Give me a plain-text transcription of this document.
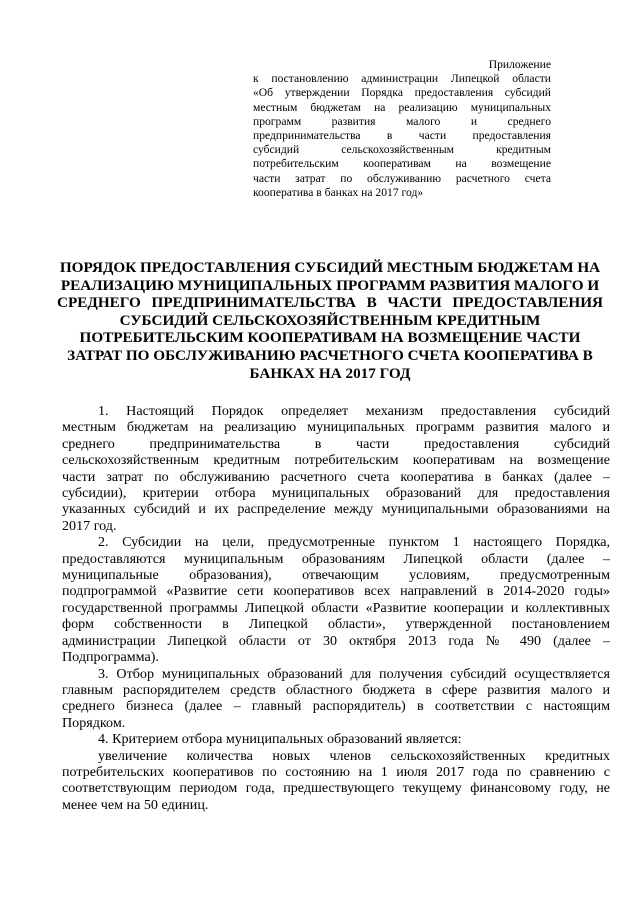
Приложение
к постановлению администрации Липецкой области
«Об утверждении Порядка предоставления субсидий
местным бюджетам на реализацию муниципальных
программ развития малого и среднего
предпринимательства в части предоставления
субсидий сельскохозяйственным кредитным
потребительским кооперативам на возмещение
части затрат по обслуживанию расчетного счета
кооператива в банках на 2017 год»
ПОРЯДОК ПРЕДОСТАВЛЕНИЯ СУБСИДИЙ МЕСТНЫМ БЮДЖЕТАМ НА
РЕАЛИЗАЦИЮ МУНИЦИПАЛЬНЫХ ПРОГРАММ РАЗВИТИЯ МАЛОГО И
СРЕДНЕГО ПРЕДПРИНИМАТЕЛЬСТВА В ЧАСТИ ПРЕДОСТАВЛЕНИЯ
СУБСИДИЙ СЕЛЬСКОХОЗЯЙСТВЕННЫМ КРЕДИТНЫМ
ПОТРЕБИТЕЛЬСКИМ КООПЕРАТИВАМ НА ВОЗМЕЩЕНИЕ ЧАСТИ
ЗАТРАТ ПО ОБСЛУЖИВАНИЮ РАСЧЕТНОГО СЧЕТА КООПЕРАТИВА В
БАНКАХ НА 2017 ГОД
1. Настоящий Порядок определяет механизм предоставления субсидий
местным бюджетам на реализацию муниципальных программ развития малого и
среднего предпринимательства в части предоставления субсидий
сельскохозяйственным кредитным потребительским кооперативам на возмещение
части затрат по обслуживанию расчетного счета кооператива в банках (далее –
субсидии), критерии отбора муниципальных образований для предоставления
указанных субсидий и их распределение между муниципальными образованиями на
2017 год.
2. Субсидии на цели, предусмотренные пунктом 1 настоящего Порядка,
предоставляются муниципальным образованиям Липецкой области (далее –
муниципальные образования), отвечающим условиям, предусмотренным
подпрограммой «Развитие сети кооперативов всех направлений в 2014-2020 годы»
государственной программы Липецкой области «Развитие кооперации и коллективных
форм собственности в Липецкой области», утвержденной постановлением
администрации Липецкой области от 30 октября 2013 года № 490 (далее –
Подпрограмма).
3. Отбор муниципальных образований для получения субсидий осуществляется
главным распорядителем средств областного бюджета в сфере развития малого и
среднего бизнеса (далее – главный распорядитель) в соответствии с настоящим
Порядком.
4. Критерием отбора муниципальных образований является:
увеличение количества новых членов сельскохозяйственных кредитных
потребительских кооперативов по состоянию на 1 июля 2017 года по сравнению с
соответствующим периодом года, предшествующего текущему финансовому году, не
менее чем на 50 единиц.
